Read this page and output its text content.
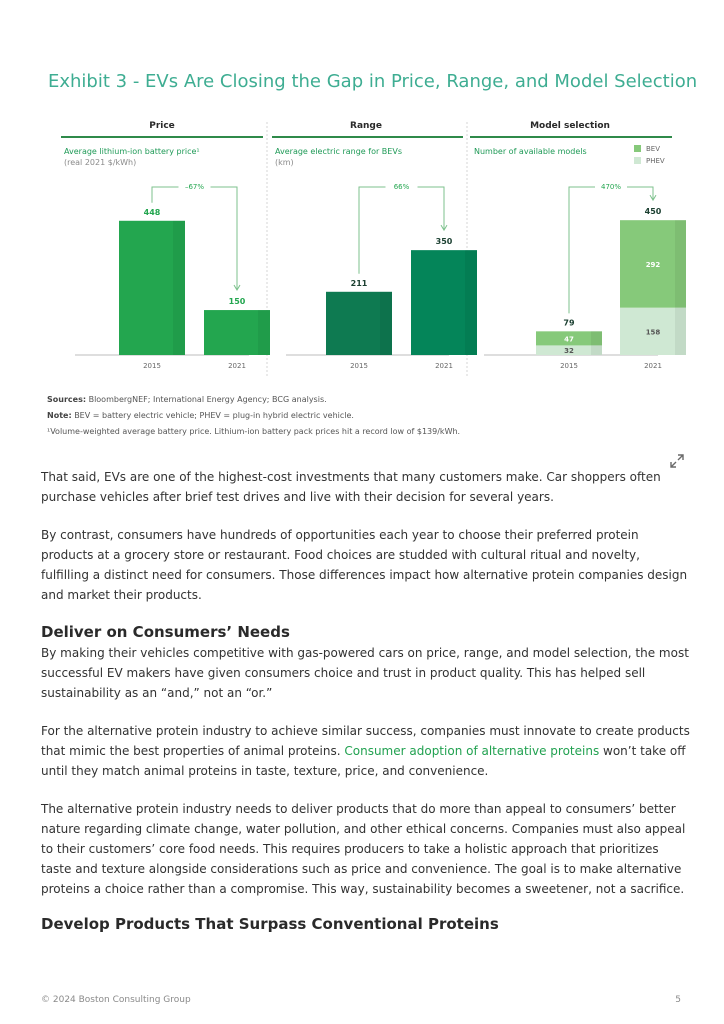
Exhibit 3 - EVs Are Closing the Gap in Price, Range, and Model Selection
Price
Average lithium-ion battery price¹
(real 2021 $/kWh)
2015	2021
Range
Average electric range for BEVs
(km)
2015	2021
Model selection
Number of available models
2015	2021
448
150
211
350
32
47
79
158
292
450
BEV
PHEV
–67%	66%	470%
Sources: BloombergNEF; International Energy Agency; BCG analysis.
Note: BEV = battery electric vehicle; PHEV = plug-in hybrid electric vehicle.
¹Volume-weighted average battery price. Lithium-ion battery pack prices hit a record low of $139/kWh.

That said, EVs are one of the highest-cost investments that many customers make. Car shoppers often purchase vehicles after brief test drives and live with their decision for several years.

By contrast, consumers have hundreds of opportunities each year to choose their preferred protein products at a grocery store or restaurant. Food choices are studded with cultural ritual and novelty, fulfilling a distinct need for consumers. Those differences impact how alternative protein companies design and market their products.

Deliver on Consumers’ Needs

By making their vehicles competitive with gas-powered cars on price, range, and model selection, the most successful EV makers have given consumers choice and trust in product quality. This has helped sell sustainability as an “and,” not an “or.”

For the alternative protein industry to achieve similar success, companies must innovate to create products that mimic the best properties of animal proteins. Consumer adoption of alternative proteins won’t take off until they match animal proteins in taste, texture, price, and convenience.

The alternative protein industry needs to deliver products that do more than appeal to consumers’ better nature regarding climate change, water pollution, and other ethical concerns. Companies must also appeal to their customers’ core food needs. This requires producers to take a holistic approach that prioritizes taste and texture alongside considerations such as price and convenience. The goal is to make alternative proteins a choice rather than a compromise. This way, sustainability becomes a sweetener, not a sacrifice.

Develop Products That Surpass Conventional Proteins
© 2024 Boston Consulting Group	5
